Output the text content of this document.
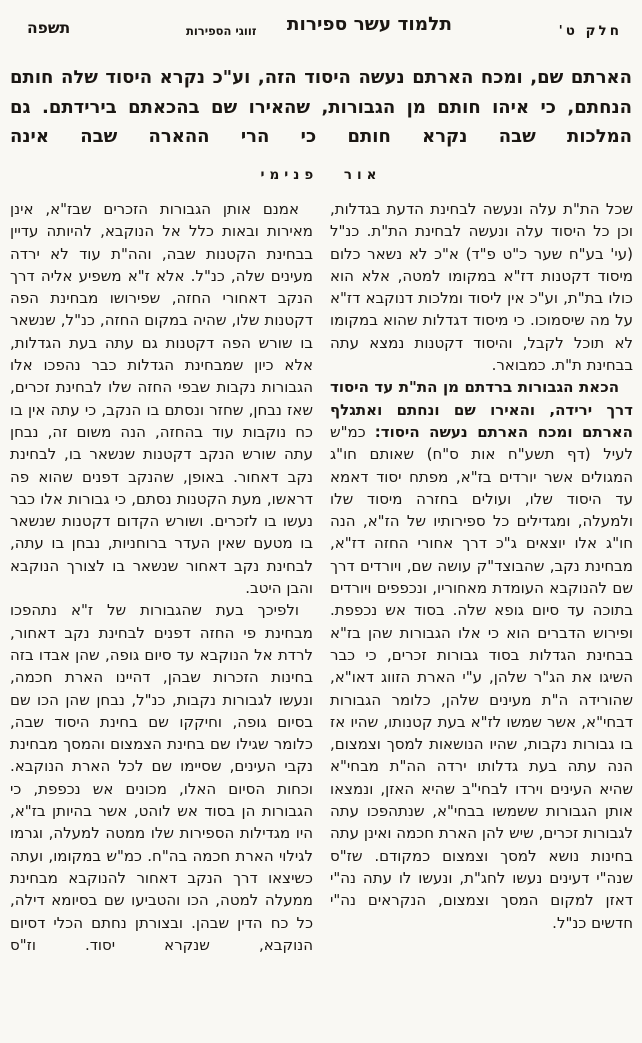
חלק ט'
תלמוד עשר ספירות
זווגי הספירות
תשפה

הארתם שם, ומכח הארתם נעשה היסוד הזה, וע"כ נקרא היסוד שלה חותם הנחתם, כי איהו חותם מן הגבורות, שהאירו שם בהכאתם בירידתם. גם המלכות שבה נקרא חותם כי הרי ההארה שבה אינה

אור פנימי

שכל הת"ת עלה ונעשה לבחינת הדעת בגדלות, וכן כל היסוד עלה ונעשה לבחינת הת"ת. כנ"ל (עי' בע"ח שער כ"ט פ"ד) א"כ לא נשאר כלום מיסוד דקטנות דז"א במקומו למטה, אלא הוא כולו בת"ת, וע"כ אין ליסוד ומלכות דנוקבא דז"א על מה שיסמוכו. כי מיסוד דגדלות שהוא במקומו לא תוכל לקבל, והיסוד דקטנות נמצא עתה בבחינת ת"ת. כמבואר.

הכאת הגבורות ברדתם מן הת"ת עד היסוד דרך ירידה, והאירו שם ונחתם ואתגלף הארתם ומכח הארתם נעשה היסוד: כמ"ש לעיל (דף תשע"ח אות ס"ח) שאותם חו"ג המגולים אשר יורדים בז"א, מפתח יסוד דאמא עד היסוד שלו, ועולים בחזרה מיסוד שלו ולמעלה, ומגדילים כל ספירותיו של הז"א, הנה חו"ג אלו יוצאים ג"כ דרך אחורי החזה דז"א, מבחינת נקב, שהבוצד"ק עושה שם, ויורדים דרך שם להנוקבא העומדת מאחוריו, ונכפפים ויורדים בתוכה עד סיום גופא שלה. בסוד אש נכפפת. ופירוש הדברים הוא כי אלו הגבורות שהן בז"א בבחינת הגדלות בסוד גבורות זכרים, כי כבר השיגו את הג"ר שלהן, ע"י הארת הזווג דאו"א, שהורידה ה"ת מעינים שלהן, כלומר הגבורות דבחי"א, אשר שמשו לז"א בעת קטנותו, שהיו אז בו גבורות נקבות, שהיו הנושאות למסך וצמצום, הנה עתה בעת גדלותו ירדה הה"ת מבחי"א שהיא העינים וירדו לבחי"ב שהיא האזן, ונמצאו אותן הגבורות ששמשו בבחי"א, שנתהפכו עתה לגבורות זכרים, שיש להן הארת חכמה ואינן עתה בחינות נושא למסך וצמצום כמקודם. שז"ס שנה"י דעינים נעשו לחג"ת, ונעשו לו עתה נה"י דאזן למקום המסך וצמצום, הנקראים נה"י חדשים כנ"ל.

אמנם אותן הגבורות הזכרים שבז"א, אינן מאירות ובאות כלל אל הנוקבא, להיותה עדיין בבחינת הקטנות שבה, והה"ת עוד לא ירדה מעינים שלה, כנ"ל. אלא ז"א משפיע אליה דרך הנקב דאחורי החזה, שפירושו מבחינת הפה דקטנות שלו, שהיה במקום החזה, כנ"ל, שנשאר בו שורש הפה דקטנות גם עתה בעת הגדלות, אלא כיון שמבחינת הגדלות כבר נהפכו אלו הגבורות נקבות שבפי החזה שלו לבחינת זכרים, שאז נבחן, שחזר ונסתם בו הנקב, כי עתה אין בו כח נוקבות עוד בהחזה, הנה משום זה, נבחן עתה שורש הנקב דקטנות שנשאר בו, לבחינת נקב דאחור. באופן, שהנקב דפנים שהוא פה דראשו, מעת הקטנות נסתם, כי גבורות אלו כבר נעשו בו לזכרים. ושורש הקדום דקטנות שנשאר בו מטעם שאין העדר ברוחניות, נבחן בו עתה, לבחינת נקב דאחור שנשאר בו לצורך הנוקבא והבן היטב.

ולפיכך בעת שהגבורות של ז"א נתהפכו מבחינת פי החזה דפנים לבחינת נקב דאחור, לרדת אל הנוקבא עד סיום גופה, שהן אבדו בזה בחינות הזכרות שבהן, דהיינו הארת חכמה, ונעשו לגבורות נקבות, כנ"ל, נבחן שהן הכו שם בסיום גופה, וחיקקו שם בחינת היסוד שבה, כלומר שגילו שם בחינת הצמצום והמסך מבחינת נקבי העינים, שסיימו שם לכל הארת הנוקבא. וכחות הסיום האלו, מכונים אש נכפפת, כי הגבורות הן בסוד אש לוהט, אשר בהיותן בז"א, היו מגדילות הספירות שלו ממטה למעלה, וגרמו לגילוי הארת חכמה בה"ח. כמ"ש במקומו, ועתה כשיצאו דרך הנקב דאחור להנוקבא מבחינת ממעלה למטה, הכו והטביעו שם בסיומא דילה, כל כח הדין שבהן. ובצורתן נחתם הכלי דסיום הנוקבא, שנקרא יסוד. וז"ס
